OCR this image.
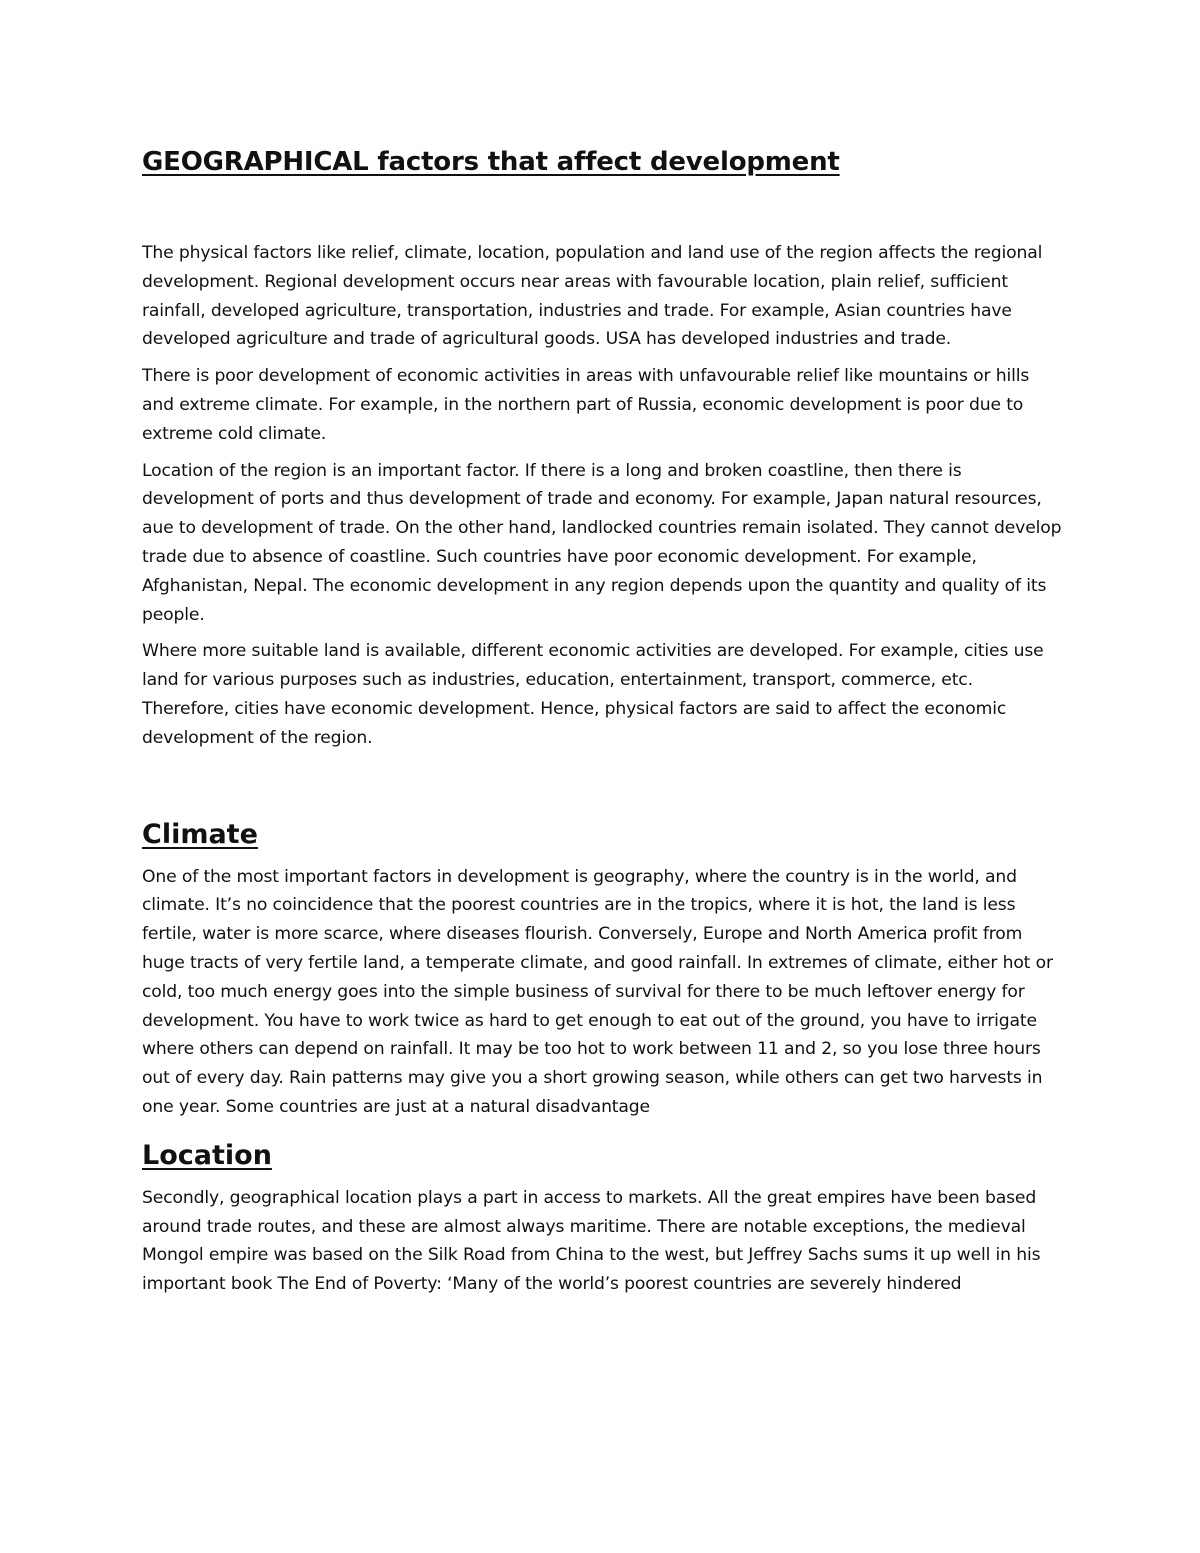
GEOGRAPHICAL factors that affect development

The physical factors like relief, climate, location, population and land use of the region affects the regional development. Regional development occurs near areas with favourable location, plain relief, sufficient rainfall, developed agriculture, transportation, industries and trade. For example, Asian countries have developed agriculture and trade of agricultural goods. USA has developed industries and trade.

There is poor development of economic activities in areas with unfavourable relief like mountains or hills and extreme climate. For example, in the northern part of Russia, economic development is poor due to extreme cold climate.

Location of the region is an important factor. If there is a long and broken coastline, then there is development of ports and thus development of trade and economy. For example, Japan natural resources, aue to development of trade. On the other hand, landlocked countries remain isolated. They cannot develop trade due to absence of coastline. Such countries have poor economic development. For example, Afghanistan, Nepal. The economic development in any region depends upon the quantity and quality of its people.

Where more suitable land is available, different economic activities are developed. For example, cities use land for various purposes such as industries, education, entertainment, transport, commerce, etc. Therefore, cities have economic development. Hence, physical factors are said to affect the economic development of the region.

Climate

One of the most important factors in development is geography, where the country is in the world, and climate. It’s no coincidence that the poorest countries are in the tropics, where it is hot, the land is less fertile, water is more scarce, where diseases flourish. Conversely, Europe and North America profit from huge tracts of very fertile land, a temperate climate, and good rainfall. In extremes of climate, either hot or cold, too much energy goes into the simple business of survival for there to be much leftover energy for development. You have to work twice as hard to get enough to eat out of the ground, you have to irrigate where others can depend on rainfall. It may be too hot to work between 11 and 2, so you lose three hours out of every day. Rain patterns may give you a short growing season, while others can get two harvests in one year. Some countries are just at a natural disadvantage

Location

Secondly, geographical location plays a part in access to markets. All the great empires have been based around trade routes, and these are almost always maritime. There are notable exceptions, the medieval Mongol empire was based on the Silk Road from China to the west, but Jeffrey Sachs sums it up well in his important book The End of Poverty: ‘Many of the world’s poorest countries are severely hindered
